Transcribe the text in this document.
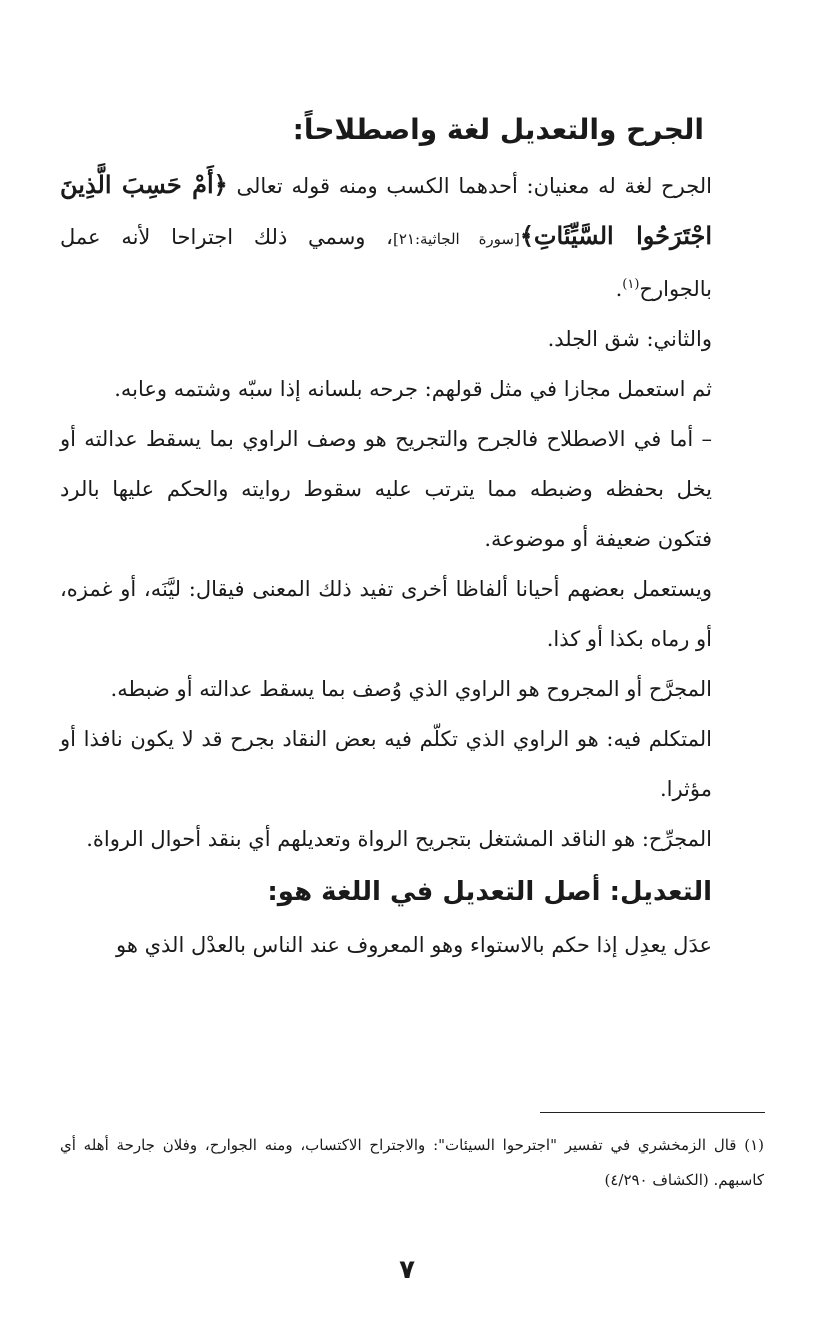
الجرح والتعديل لغة واصطلاحاً:

الجرح لغة له معنيان: أحدهما الكسب ومنه قوله تعالى ﴿أَمْ حَسِبَ الَّذِينَ اجْتَرَحُوا السَّيِّئَاتِ﴾[سورة الجاثية:٢١]، وسمي ذلك اجتراحا لأنه عمل بالجوارح$^{(١)}$.

والثاني: شق الجلد.

ثم استعمل مجازا في مثل قولهم: جرحه بلسانه إذا سبّه وشتمه وعابه.

– أما في الاصطلاح فالجرح والتجريح هو وصف الراوي بما يسقط عدالته أو يخل بحفظه وضبطه مما يترتب عليه سقوط روايته والحكم عليها بالرد فتكون ضعيفة أو موضوعة.

ويستعمل بعضهم أحيانا ألفاظا أخرى تفيد ذلك المعنى فيقال: ليَّنَه، أو غمزه، أو رماه بكذا أو كذا.

المجرَّح أو المجروح هو الراوي الذي وُصف بما يسقط عدالته أو ضبطه.

المتكلم فيه: هو الراوي الذي تكلّم فيه بعض النقاد بجرح قد لا يكون نافذا أو مؤثرا.

المجرِّح: هو الناقد المشتغل بتجريح الرواة وتعديلهم أي بنقد أحوال الرواة.

التعديل: أصل التعديل في اللغة هو:

عدَل يعدِل إذا حكم بالاستواء وهو المعروف عند الناس بالعدْل الذي هو

(١) قال الزمخشري في تفسير "اجترحوا السيئات": والاجتراح الاكتساب، ومنه الجوارح، وفلان جارحة أهله أي كاسبهم. (الكشاف ٤/٢٩٠)

٧
